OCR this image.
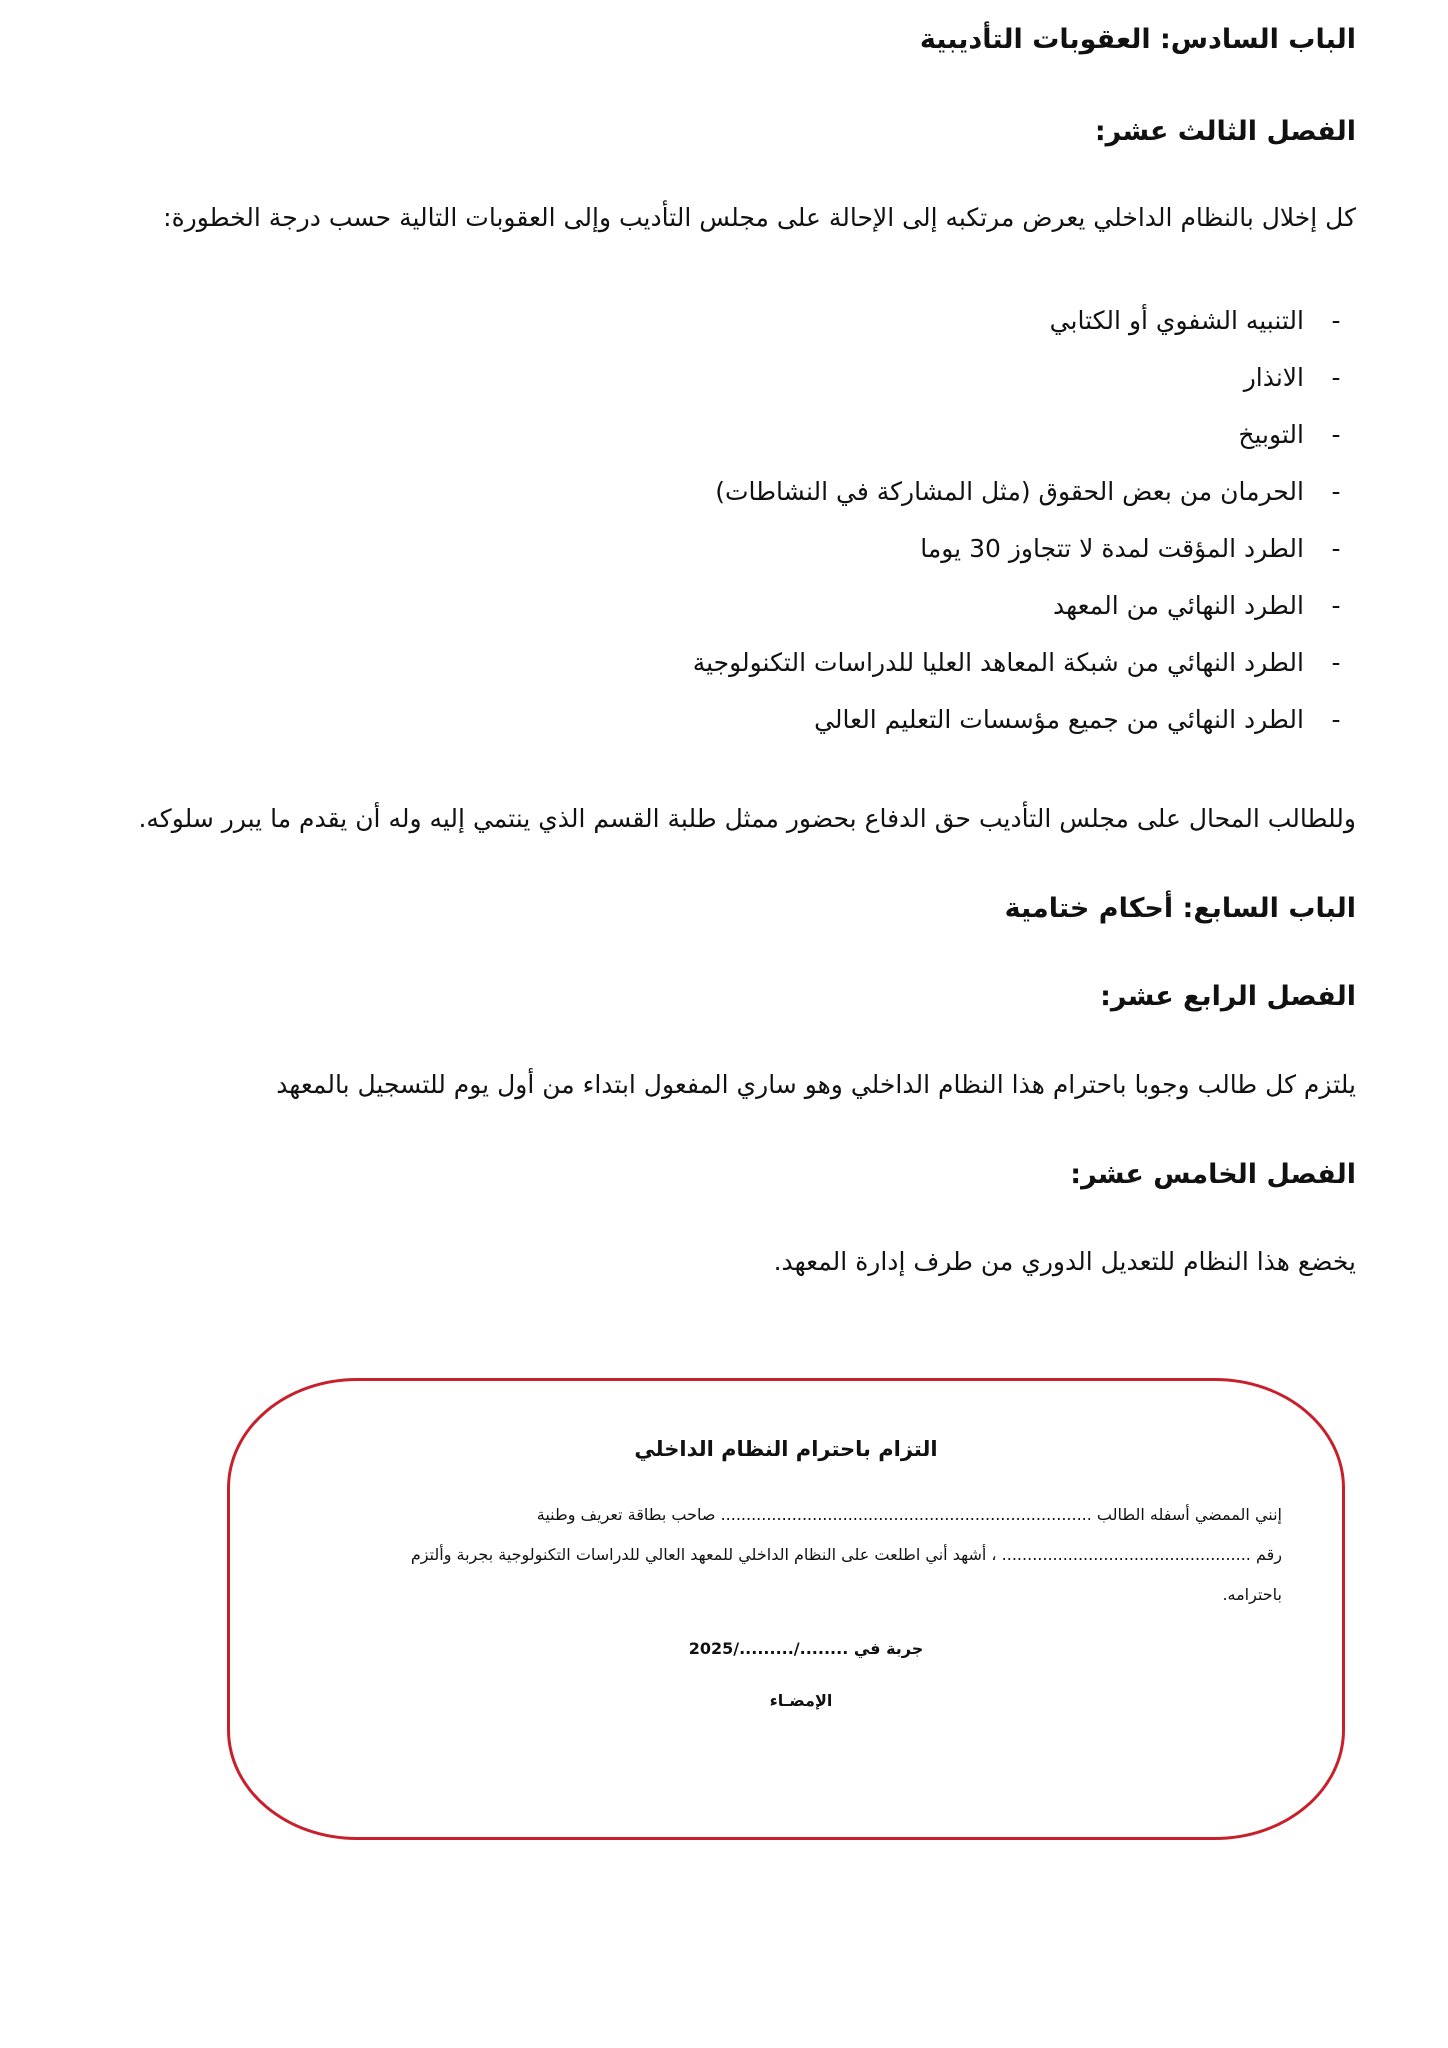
الباب السادس: العقوبات التأديبية
الفصل الثالث عشر:
كل إخلال بالنظام الداخلي يعرض مرتكبه إلى الإحالة على مجلس التأديب وإلى العقوبات التالية حسب درجة الخطورة:
-
التنبيه الشفوي أو الكتابي
-
الانذار
-
التوبيخ
-
الحرمان من بعض الحقوق (مثل المشاركة في النشاطات)
-
الطرد المؤقت لمدة لا تتجاوز 30 يوما
-
الطرد النهائي من المعهد
-
الطرد النهائي من شبكة المعاهد العليا للدراسات التكنولوجية
-
الطرد النهائي من جميع مؤسسات التعليم العالي
وللطالب المحال على مجلس التأديب حق الدفاع بحضور ممثل طلبة القسم الذي ينتمي إليه وله أن يقدم ما يبرر سلوكه.
الباب السابع: أحكام ختامية
الفصل الرابع عشر:
يلتزم كل طالب وجوبا باحترام هذا النظام الداخلي وهو ساري المفعول ابتداء من أول يوم للتسجيل بالمعهد
الفصل الخامس عشر:
يخضع هذا النظام للتعديل الدوري من طرف إدارة المعهد.
التزام باحترام النظام الداخلي
إنني الممضي أسفله الطالب ......................................................................... صاحب بطاقة تعريف وطنية
رقم ................................................. ، أشهد أني اطلعت على النظام الداخلي للمعهد العالي للدراسات التكنولوجية بجربة وألتزم
باحترامه.
جربة في ......../........./2025
الإمضـاء
